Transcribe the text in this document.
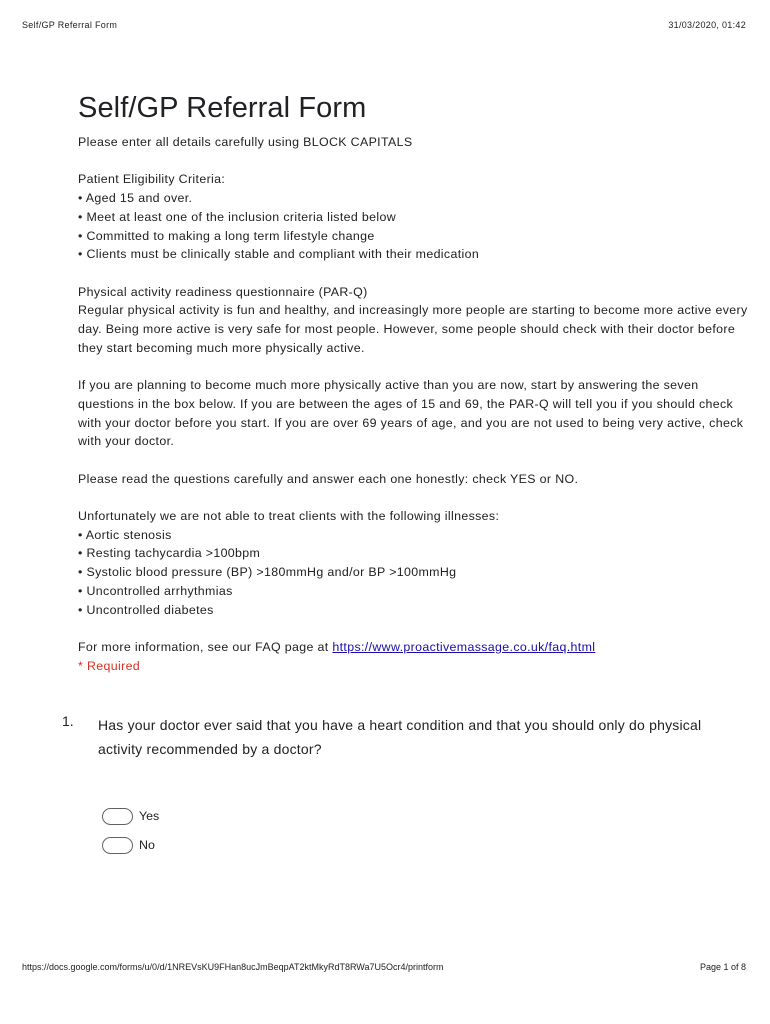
Self/GP Referral Form	31/03/2020, 01:42
Self/GP Referral Form

Please enter all details carefully using BLOCK CAPITALS

Patient Eligibility Criteria:

• Aged 15 and over.

• Meet at least one of the inclusion criteria listed below

• Committed to making a long term lifestyle change

• Clients must be clinically stable and compliant with their medication

Physical activity readiness questionnaire (PAR-Q)

Regular physical activity is fun and healthy, and increasingly more people are starting to become more active every day. Being more active is very safe for most people. However, some people should check with their doctor before they start becoming much more physically active.

If you are planning to become much more physically active than you are now, start by answering the seven questions in the box below. If you are between the ages of 15 and 69, the PAR-Q will tell you if you should check with your doctor before you start. If you are over 69 years of age, and you are not used to being very active, check with your doctor.

Please read the questions carefully and answer each one honestly: check YES or NO.

Unfortunately we are not able to treat clients with the following illnesses:

• Aortic stenosis

• Resting tachycardia >100bpm

• Systolic blood pressure (BP) >180mmHg and/or BP >100mmHg

• Uncontrolled arrhythmias

• Uncontrolled diabetes

For more information, see our FAQ page at https://www.proactivemassage.co.uk/faq.html

* Required

1. Has your doctor ever said that you have a heart condition and that you should only do physical activity recommended by a doctor?
Yes
No
https://docs.google.com/forms/u/0/d/1NREVsKU9FHan8ucJmBeqpAT2ktMkyRdT8RWa7U5Ocr4/printform	Page 1 of 8
